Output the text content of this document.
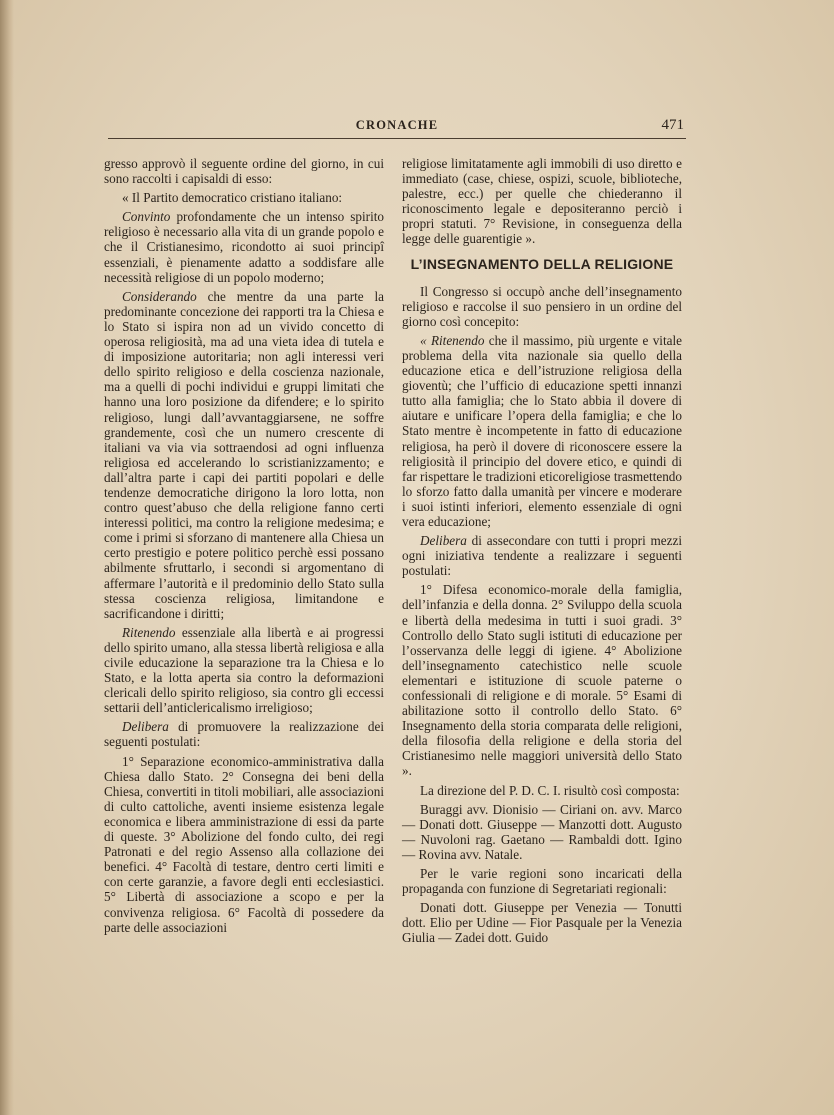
CRONACHE	471

gresso approvò il seguente ordine del giorno, in cui sono raccolti i capisaldi di esso:

« Il Partito democratico cristiano italiano:

Convinto profondamente che un intenso spirito religioso è necessario alla vita di un grande popolo e che il Cristianesimo, ricondotto ai suoi principî essenziali, è pienamente adatto a soddisfare alle necessità religiose di un popolo moderno;

Considerando che mentre da una parte la predominante concezione dei rapporti tra la Chiesa e lo Stato si ispira non ad un vivido concetto di operosa religiosità, ma ad una vieta idea di tutela e di imposizione autoritaria; non agli interessi veri dello spirito religioso e della coscienza nazionale, ma a quelli di pochi individui e gruppi limitati che hanno una loro posizione da difendere; e lo spirito religioso, lungi dall’avvantaggiarsene, ne soffre grandemente, così che un numero crescente di italiani va via via sottraendosi ad ogni influenza religiosa ed accelerando lo scristianizzamento; e dall’altra parte i capi dei partiti popolari e delle tendenze democratiche dirigono la loro lotta, non contro quest’abuso che della religione fanno certi interessi politici, ma contro la religione medesima; e come i primi si sforzano di mantenere alla Chiesa un certo prestigio e potere politico perchè essi possano abilmente sfruttarlo, i secondi si argomentano di affermare l’autorità e il predominio dello Stato sulla stessa coscienza religiosa, limitandone e sacrificandone i diritti;

Ritenendo essenziale alla libertà e ai progressi dello spirito umano, alla stessa libertà religiosa e alla civile educazione la separazione tra la Chiesa e lo Stato, e la lotta aperta sia contro la deformazioni clericali dello spirito religioso, sia contro gli eccessi settarii dell’anticlericalismo irreligioso;

Delibera di promuovere la realizzazione dei seguenti postulati:

1° Separazione economico-amministrativa dalla Chiesa dallo Stato. 2° Consegna dei beni della Chiesa, convertiti in titoli mobiliari, alle associazioni di culto cattoliche, aventi insieme esistenza legale economica e libera amministrazione di essi da parte di queste. 3° Abolizione del fondo culto, dei regi Patronati e del regio Assenso alla collazione dei benefici. 4° Facoltà di testare, dentro certi limiti e con certe garanzie, a favore degli enti ecclesiastici. 5° Libertà di associazione a scopo e per la convivenza religiosa. 6° Facoltà di possedere da parte delle associazioni

religiose limitatamente agli immobili di uso diretto e immediato (case, chiese, ospizi, scuole, biblioteche, palestre, ecc.) per quelle che chiederanno il riconoscimento legale e depositeranno perciò i propri statuti. 7° Revisione, in conseguenza della legge delle guarentigie ».

L’INSEGNAMENTO DELLA RELIGIONE

Il Congresso si occupò anche dell’insegnamento religioso e raccolse il suo pensiero in un ordine del giorno così concepito:

« Ritenendo che il massimo, più urgente e vitale problema della vita nazionale sia quello della educazione etica e dell’istruzione religiosa della gioventù; che l’ufficio di educazione spetti innanzi tutto alla famiglia; che lo Stato abbia il dovere di aiutare e unificare l’opera della famiglia; e che lo Stato mentre è incompetente in fatto di educazione religiosa, ha però il dovere di riconoscere essere la religiosità il principio del dovere etico, e quindi di far rispettare le tradizioni eticoreligiose trasmettendo lo sforzo fatto dalla umanità per vincere e moderare i suoi istinti inferiori, elemento essenziale di ogni vera educazione;

Delibera di assecondare con tutti i propri mezzi ogni iniziativa tendente a realizzare i seguenti postulati:

1° Difesa economico-morale della famiglia, dell’infanzia e della donna. 2° Sviluppo della scuola e libertà della medesima in tutti i suoi gradi. 3° Controllo dello Stato sugli istituti di educazione per l’osservanza delle leggi di igiene. 4° Abolizione dell’insegnamento catechistico nelle scuole elementari e istituzione di scuole paterne o confessionali di religione e di morale. 5° Esami di abilitazione sotto il controllo dello Stato. 6° Insegnamento della storia comparata delle religioni, della filosofia della religione e della storia del Cristianesimo nelle maggiori università dello Stato ».

La direzione del P. D. C. I. risultò così composta:

Buraggi avv. Dionisio — Ciriani on. avv. Marco — Donati dott. Giuseppe — Manzotti dott. Augusto — Nuvoloni rag. Gaetano — Rambaldi dott. Igino — Rovina avv. Natale.

Per le varie regioni sono incaricati della propaganda con funzione di Segretariati regionali:

Donati dott. Giuseppe per Venezia — Tonutti dott. Elio per Udine — Fior Pasquale per la Venezia Giulia — Zadei dott. Guido
